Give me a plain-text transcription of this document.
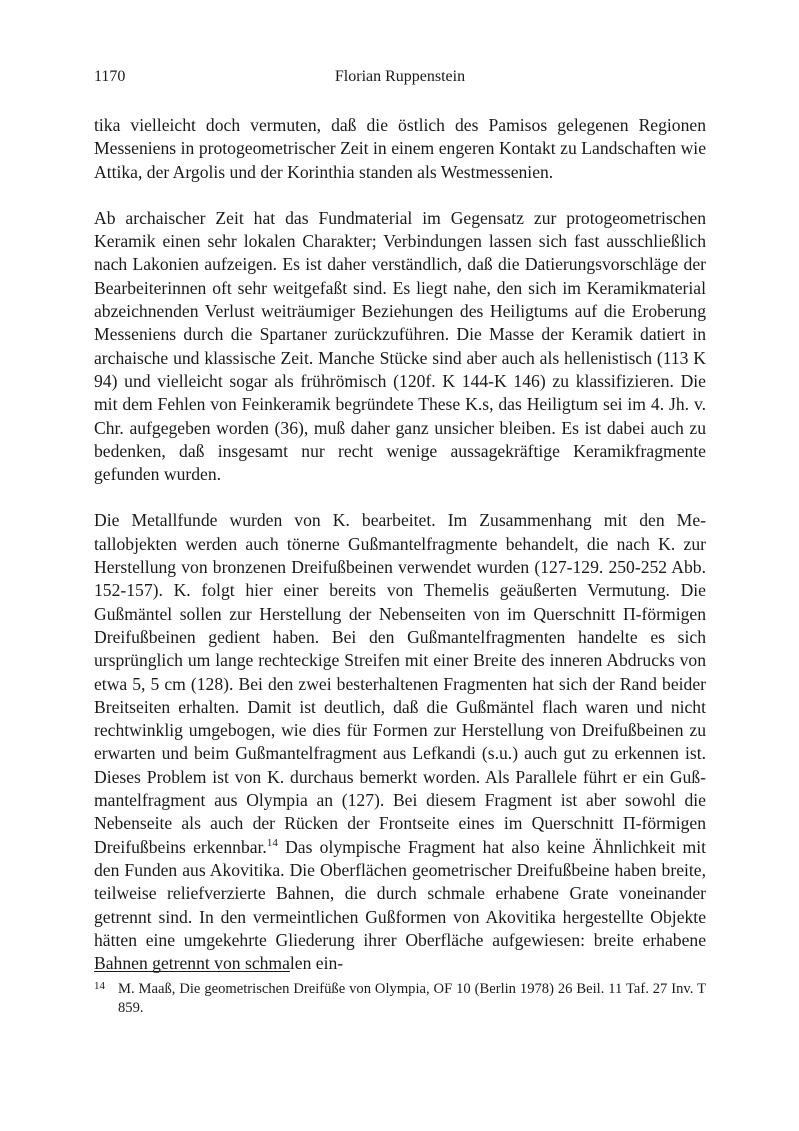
1170	Florian Ruppenstein

tika vielleicht doch vermuten, daß die östlich des Pamisos gelegenen Regionen Messeniens in protogeometrischer Zeit in einem engeren Kontakt zu Landschaften wie Attika, der Argolis und der Korinthia standen als Westmessenien.

Ab archaischer Zeit hat das Fundmaterial im Gegensatz zur protogeometrischen Keramik einen sehr lokalen Charakter; Verbindungen lassen sich fast ausschließlich nach Lakonien aufzeigen. Es ist daher verständlich, daß die Datierungsvorschläge der Bearbeiterinnen oft sehr weitgefaßt sind. Es liegt nahe, den sich im Keramikmaterial abzeichnenden Verlust weiträumiger Beziehungen des Heiligtums auf die Eroberung Messeniens durch die Spartaner zurückzuführen. Die Masse der Keramik datiert in archaische und klassische Zeit. Manche Stücke sind aber auch als hellenistisch (113 K 94) und vielleicht sogar als frührömisch (120f. K 144-K 146) zu klassifizieren. Die mit dem Fehlen von Feinkeramik begründete These K.s, das Heiligtum sei im 4. Jh. v. Chr. aufgegeben worden (36), muß daher ganz unsicher bleiben. Es ist dabei auch zu bedenken, daß insgesamt nur recht wenige aussagekräftige Keramikfragmente gefunden wurden.

Die Metallfunde wurden von K. bearbeitet. Im Zusammenhang mit den Metallobjekten werden auch tönerne Gußmantelfragmente behandelt, die nach K. zur Herstellung von bronzenen Dreifußbeinen verwendet wurden (127-129. 250-252 Abb. 152-157). K. folgt hier einer bereits von Themelis geäußerten Vermutung. Die Gußmäntel sollen zur Herstellung der Nebenseiten von im Querschnitt Π-förmigen Dreifußbeinen gedient haben. Bei den Gußmantelfragmenten handelte es sich ursprünglich um lange rechteckige Streifen mit einer Breite des inneren Abdrucks von etwa 5, 5 cm (128). Bei den zwei besterhaltenen Fragmenten hat sich der Rand beider Breitseiten erhalten. Damit ist deutlich, daß die Gußmäntel flach waren und nicht rechtwinklig umgebogen, wie dies für Formen zur Herstellung von Dreifußbeinen zu erwarten und beim Gußmantelfragment aus Lefkandi (s.u.) auch gut zu erkennen ist. Dieses Problem ist von K. durchaus bemerkt worden. Als Parallele führt er ein Gußmantelfragment aus Olympia an (127). Bei diesem Fragment ist aber sowohl die Nebenseite als auch der Rücken der Frontseite eines im Querschnitt Π-förmigen Dreifußbeins erkennbar.$^{14}$ Das olympische Fragment hat also keine Ähnlichkeit mit den Funden aus Akovitika. Die Oberflächen geometrischer Dreifußbeine haben breite, teilweise reliefverzierte Bahnen, die durch schmale erhabene Grate voneinander getrennt sind. In den vermeintlichen Gußformen von Akovitika hergestellte Objekte hätten eine umgekehrte Gliederung ihrer Oberfläche aufgewiesen: breite erhabene Bahnen getrennt von schmalen ein-

14 M. Maaß, Die geometrischen Dreifüße von Olympia, OF 10 (Berlin 1978) 26 Beil. 11 Taf. 27 Inv. T 859.
